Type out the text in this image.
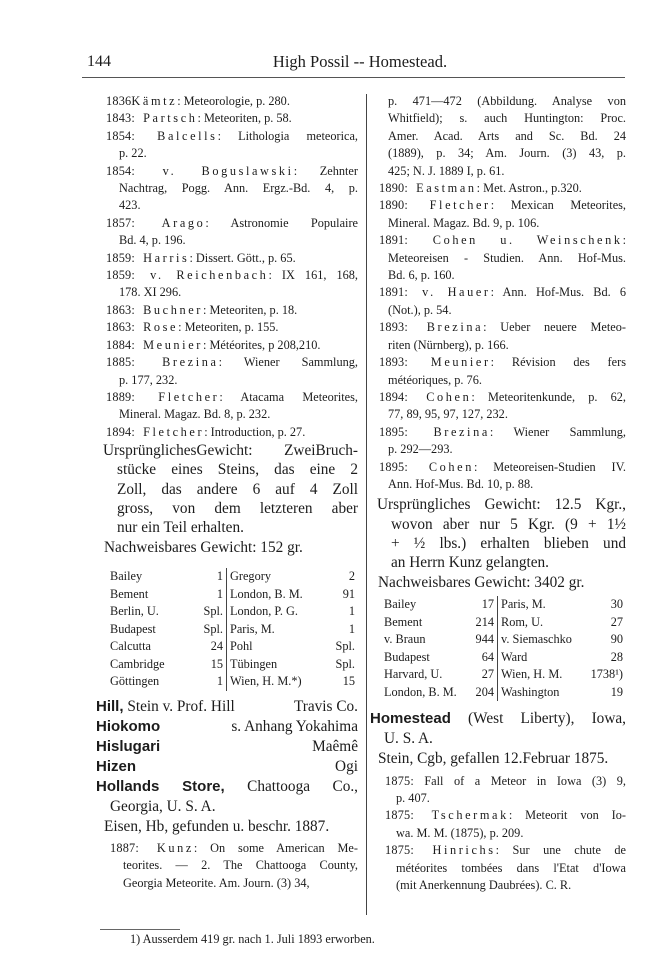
144	High Possil -- Homestead.
1836Kämtz: Meteorologie, p. 280.
1843: Partsch: Meteoriten, p. 58.
1854: Balcells: Lithologia meteorica,
p. 22.
1854: v. Boguslawski: Zehnter
Nachtrag, Pogg. Ann. Ergz.-Bd. 4, p.
423.
1857: Arago: Astronomie Populaire
Bd. 4, p. 196.
1859: Harris: Dissert. Gött., p. 65.
1859: v. Reichenbach: IX 161, 168,
178. XI 296.
1863: Buchner: Meteoriten, p. 18.
1863: Rose: Meteoriten, p. 155.
1884: Meunier: Météorites, p 208,210.
1885: Brezina: Wiener Sammlung,
p. 177, 232.
1889: Fletcher: Atacama Meteorites,
Mineral. Magaz. Bd. 8, p. 232.
1894: Fletcher: Introduction, p. 27.
UrsprünglichesGewicht: ZweiBruch-
stücke eines Steins, das eine 2
Zoll, das andere 6 auf 4 Zoll
gross, von dem letzteren aber
nur ein Teil erhalten.
Nachweisbares Gewicht: 152 gr.
Bailey	1 Gregory	2
Bement	1 London, B. M.	91
Berlin, U.	Spl. London, P. G.	1
Budapest	Spl. Paris, M.	1
Calcutta	24 Pohl	Spl.
Cambridge	15 Tübingen	Spl.
Göttingen	1 Wien, H. M.*)	15
Hill, Stein v. Prof. Hill	Travis Co.
Hiokomo	s. Anhang Yokahima
Hislugari	Maêmê
Hizen	Ogi
Hollands Store, Chattooga Co.,
Georgia, U. S. A.
Eisen, Hb, gefunden u. beschr. 1887.
1887: Kunz: On some American Me-
teorites. — 2. The Chattooga County,
Georgia Meteorite. Am. Journ. (3) 34,
p. 471—472 (Abbildung. Analyse von
Whitfield); s. auch Huntington: Proc.
Amer. Acad. Arts and Sc. Bd. 24
(1889), p. 34; Am. Journ. (3) 43, p.
425; N. J. 1889 I, p. 61.
1890: Eastman: Met. Astron., p.320.
1890: Fletcher: Mexican Meteorites,
Mineral. Magaz. Bd. 9, p. 106.
1891: Cohen u. Weinschenk:
Meteoreisen - Studien. Ann. Hof-Mus.
Bd. 6, p. 160.
1891: v. Hauer: Ann. Hof-Mus. Bd. 6
(Not.), p. 54.
1893: Brezina: Ueber neuere Meteo-
riten (Nürnberg), p. 166.
1893: Meunier: Révision des fers
météoriques, p. 76.
1894: Cohen: Meteoritenkunde, p. 62,
77, 89, 95, 97, 127, 232.
1895: Brezina: Wiener Sammlung,
p. 292—293.
1895: Cohen: Meteoreisen-Studien IV.
Ann. Hof-Mus. Bd. 10, p. 88.
Ursprüngliches Gewicht: 12.5 Kgr.,
wovon aber nur 5 Kgr. (9 + 1½
+ ½ lbs.) erhalten blieben und
an Herrn Kunz gelangten.
Nachweisbares Gewicht: 3402 gr.
Bailey	17 Paris, M.	30
Bement	214 Rom, U.	27
v. Braun	944 v. Siemaschko	90
Budapest	64 Ward	28
Harvard, U.	27 Wien, H. M. 1738¹)
London, B. M. 204 Washington	19
Homestead (West Liberty), Iowa,
U. S. A.
Stein, Cgb, gefallen 12.Februar 1875.
1875: Fall of a Meteor in Iowa (3) 9,
p. 407.
1875: Tschermak: Meteorit von Io-
wa. M. M. (1875), p. 209.
1875: Hinrichs: Sur une chute de
météorites tombées dans l'Etat d'Iowa
(mit Anerkennung Daubrées). C. R.
1) Ausserdem 419 gr. nach 1. Juli 1893 erworben.
